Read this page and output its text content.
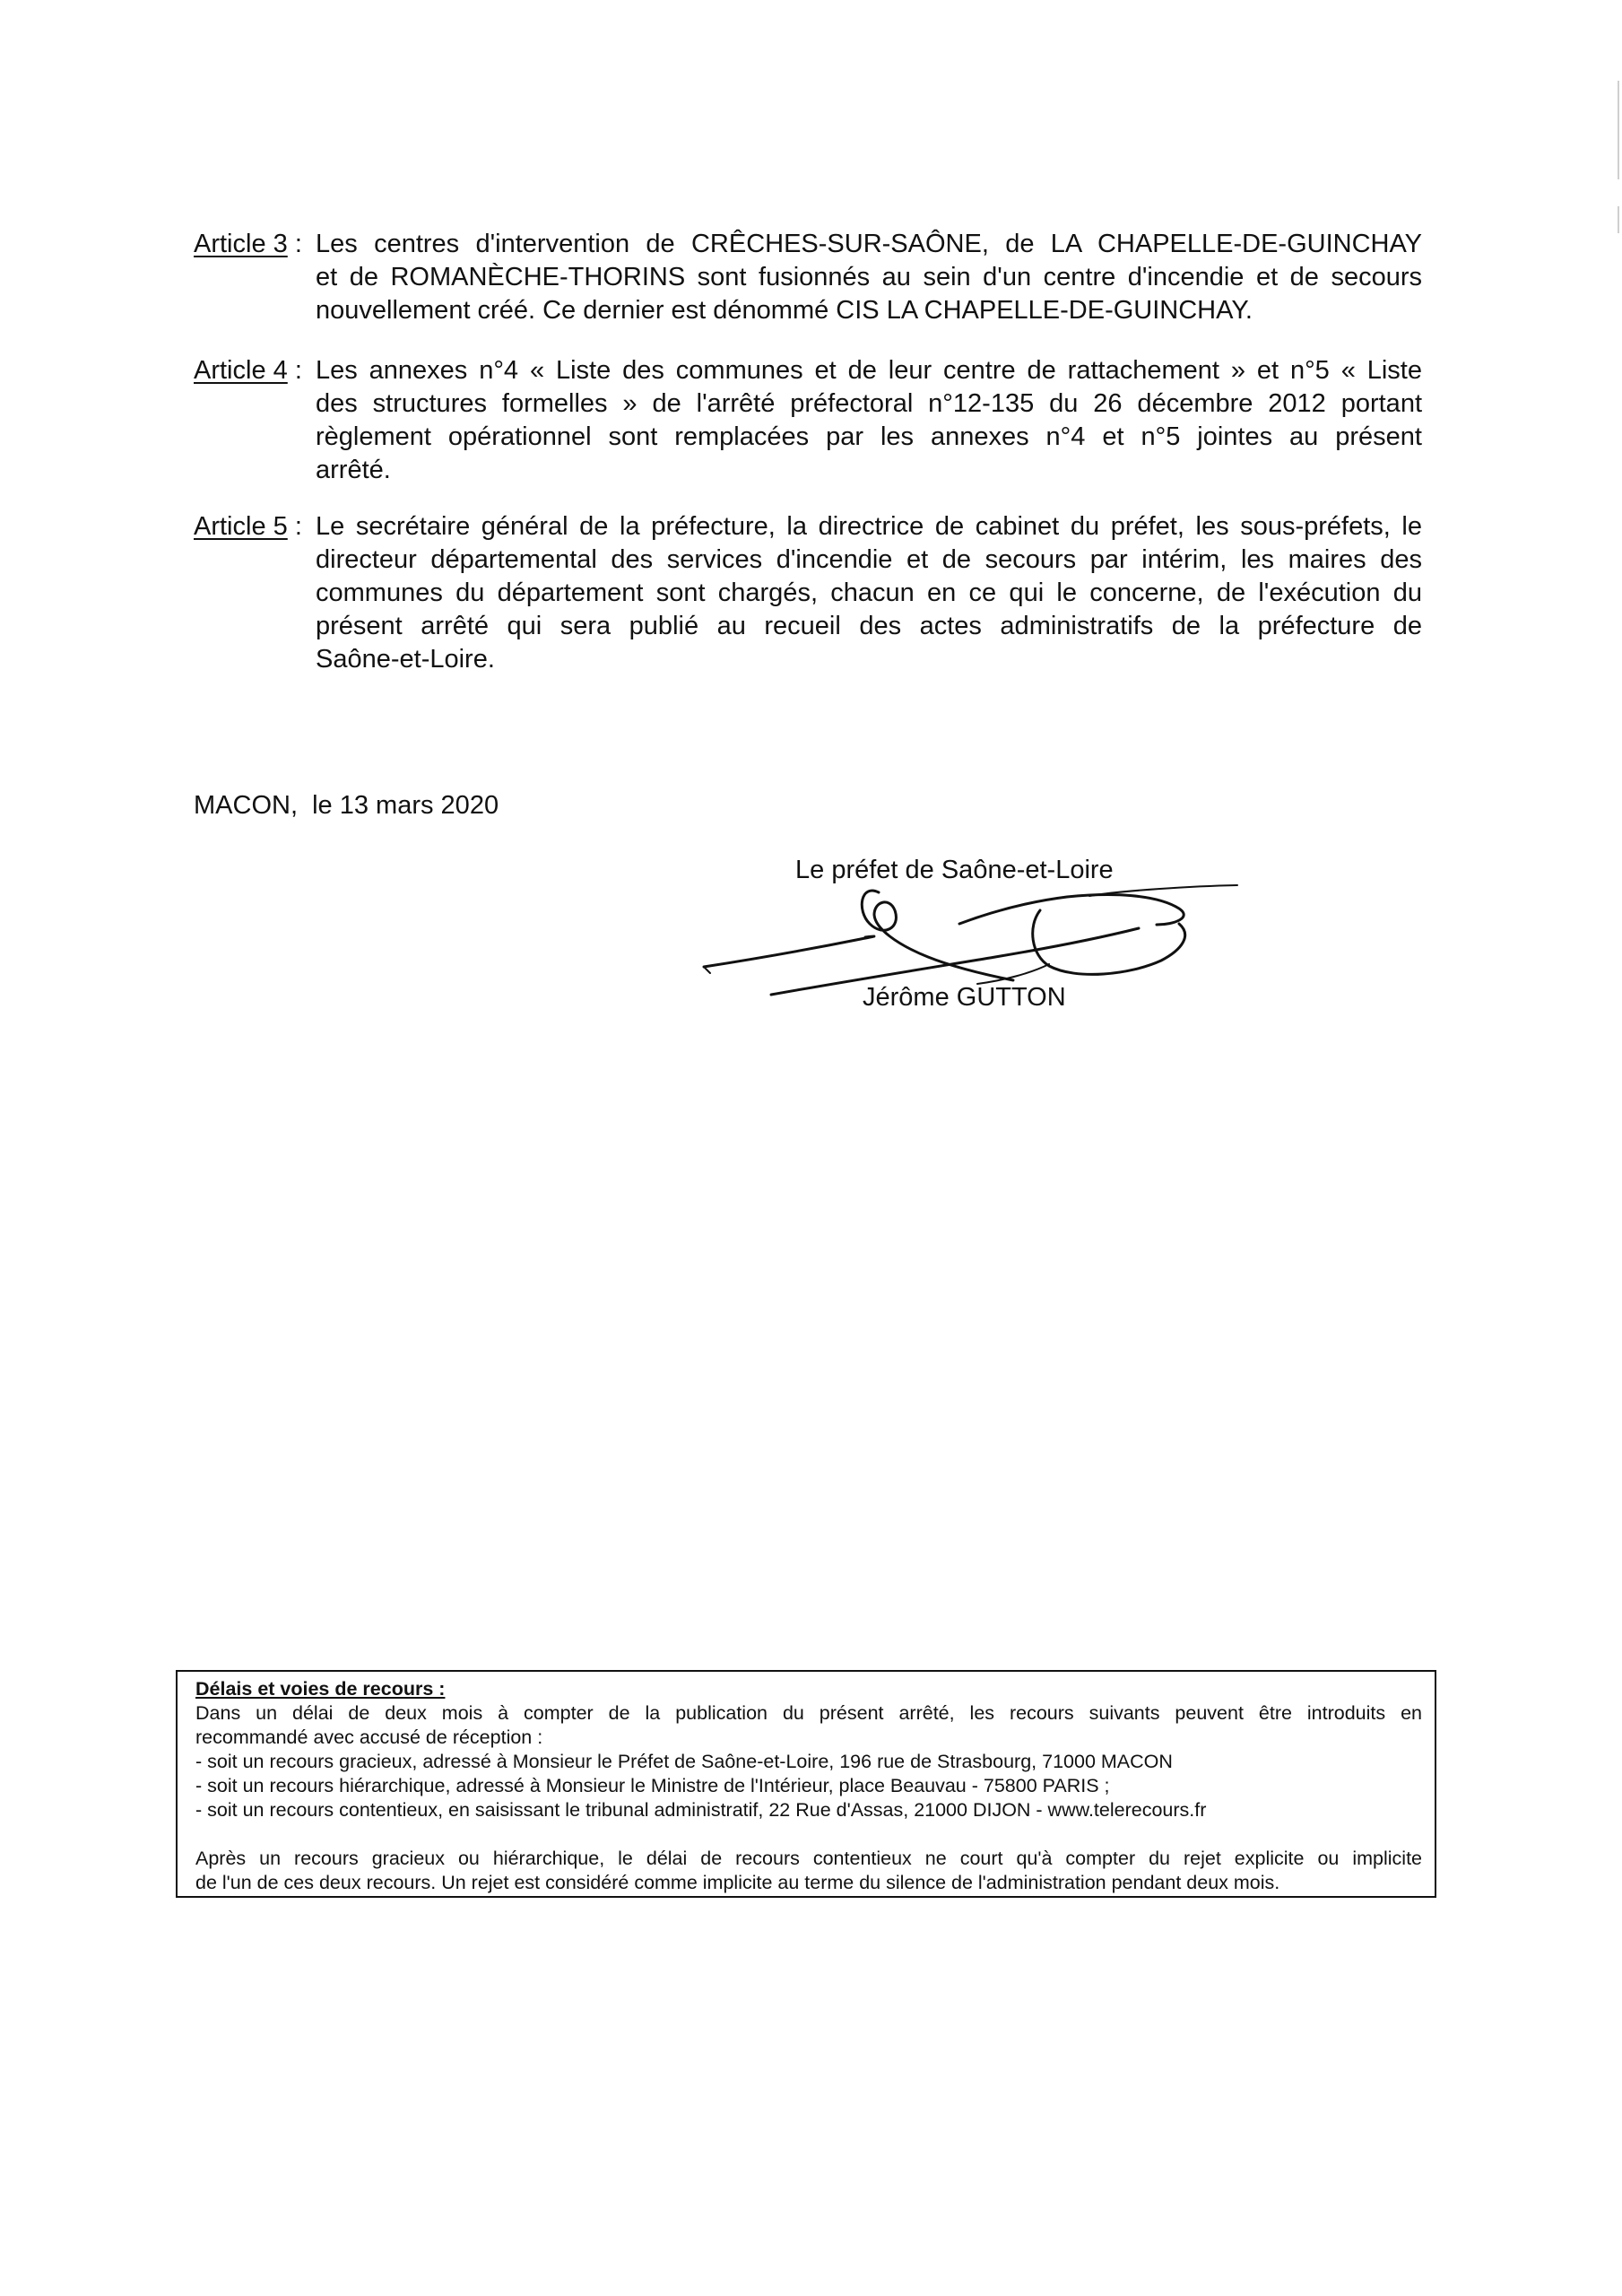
Article 3 : Les centres d'intervention de CRÊCHES-SUR-SAÔNE, de LA CHAPELLE-DE-GUINCHAY
et de ROMANÈCHE-THORINS sont fusionnés au sein d'un centre d'incendie et de secours
nouvellement créé. Ce dernier est dénommé CIS LA CHAPELLE-DE-GUINCHAY.
Article 4 : Les annexes n°4 « Liste des communes et de leur centre de rattachement » et n°5 « Liste
des structures formelles » de l'arrêté préfectoral n°12-135 du 26 décembre 2012 portant
règlement opérationnel sont remplacées par les annexes n°4 et n°5 jointes au présent
arrêté.
Article 5 : Le secrétaire général de la préfecture, la directrice de cabinet du préfet, les sous-préfets, le
directeur départemental des services d'incendie et de secours par intérim, les maires des
communes du département sont chargés, chacun en ce qui le concerne, de l'exécution du
présent arrêté qui sera publié au recueil des actes administratifs de la préfecture de
Saône-et-Loire.
MACON,  le 13 mars 2020
Le préfet de Saône-et-Loire
Jérôme GUTTON
Délais et voies de recours :
Dans un délai de deux mois à compter de la publication du présent arrêté, les recours suivants peuvent être introduits en
recommandé avec accusé de réception :
- soit un recours gracieux, adressé à Monsieur le Préfet de Saône-et-Loire, 196 rue de Strasbourg, 71000 MACON
- soit un recours hiérarchique, adressé à Monsieur le Ministre de l'Intérieur, place Beauvau - 75800 PARIS ;
- soit un recours contentieux, en saisissant le tribunal administratif, 22 Rue d'Assas, 21000 DIJON - www.telerecours.fr
Après un recours gracieux ou hiérarchique, le délai de recours contentieux ne court qu'à compter du rejet explicite ou implicite
de l'un de ces deux recours. Un rejet est considéré comme implicite au terme du silence de l'administration pendant deux mois.
